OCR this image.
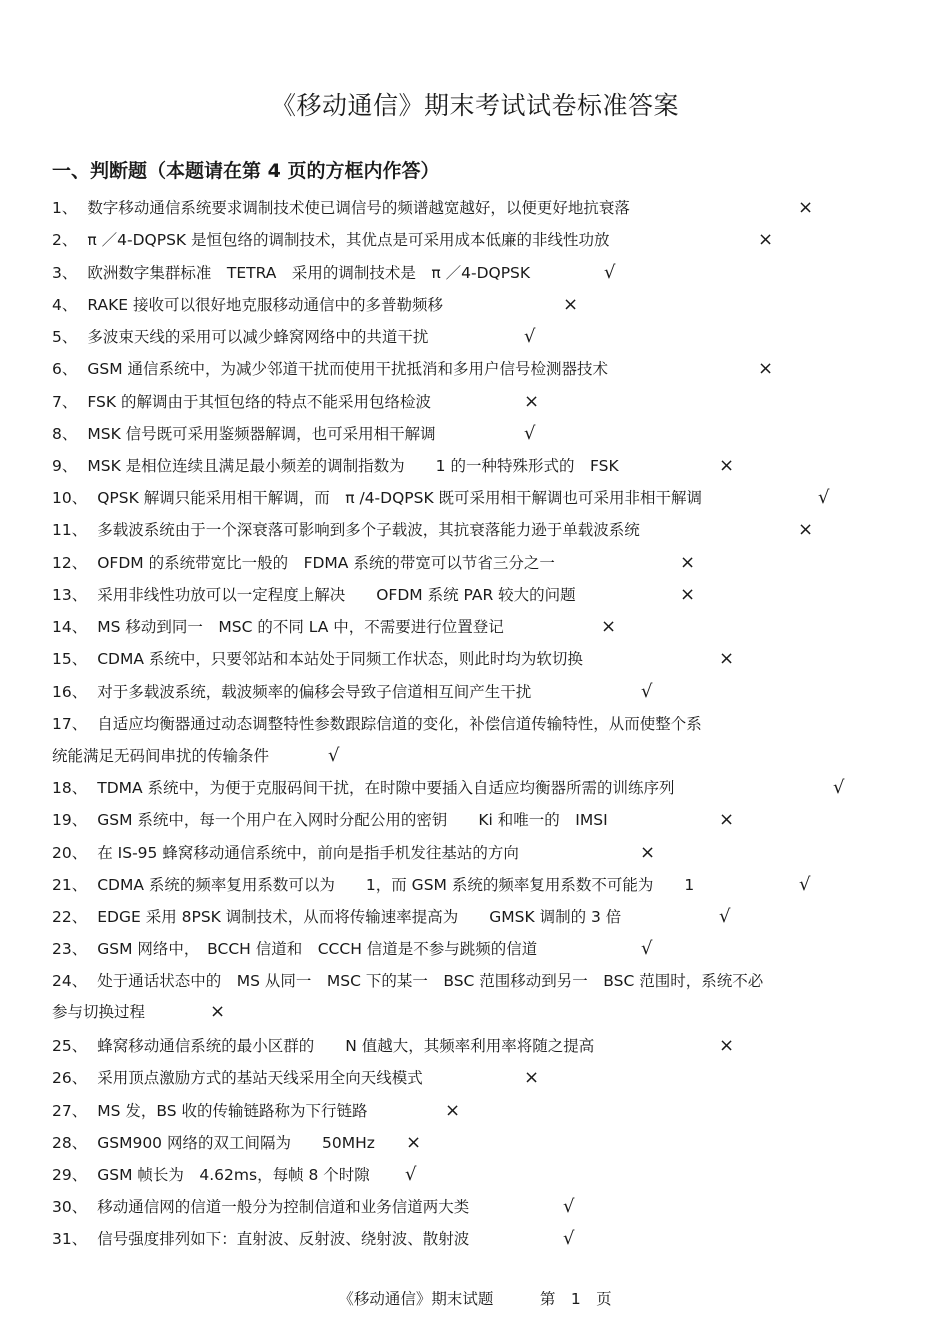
《移动通信》期末考试试卷标准答案
一、判断题（本题请在第 4 页的方框内作答）
1、 数字移动通信系统要求调制技术使已调信号的频谱越宽越好，以便更好地抗衰落	×
2、 π ／4-DQPSK 是恒包络的调制技术，其优点是可采用成本低廉的非线性功放	×
3、 欧洲数字集群标准　TETRA　采用的调制技术是　π ／4-DQPSK	√
4、 RAKE 接收可以很好地克服移动通信中的多普勒频移	×
5、 多波束天线的采用可以减少蜂窝网络中的共道干扰	√
6、 GSM 通信系统中，为减少邻道干扰而使用干扰抵消和多用户信号检测器技术	×
7、 FSK 的解调由于其恒包络的特点不能采用包络检波	×
8、 MSK 信号既可采用鉴频器解调，也可采用相干解调	√
9、 MSK 是相位连续且满足最小频差的调制指数为　　1 的一种特殊形式的　FSK	×
10、 QPSK 解调只能采用相干解调，而　π /4-DQPSK 既可采用相干解调也可采用非相干解调	√
11、 多载波系统由于一个深衰落可影响到多个子载波，其抗衰落能力逊于单载波系统	×
12、 OFDM 的系统带宽比一般的　FDMA 系统的带宽可以节省三分之一	×
13、 采用非线性功放可以一定程度上解决　　OFDM 系统 PAR 较大的问题	×
14、 MS 移动到同一　MSC 的不同 LA 中，不需要进行位置登记	×
15、 CDMA 系统中，只要邻站和本站处于同频工作状态，则此时均为软切换	×
16、 对于多载波系统，载波频率的偏移会导致子信道相互间产生干扰	√
17、 自适应均衡器通过动态调整特性参数跟踪信道的变化，补偿信道传输特性，从而使整个系
统能满足无码间串扰的传输条件	√
18、 TDMA 系统中，为便于克服码间干扰，在时隙中要插入自适应均衡器所需的训练序列	√
19、 GSM 系统中，每一个用户在入网时分配公用的密钥　　Ki 和唯一的　IMSI	×
20、 在 IS-95 蜂窝移动通信系统中，前向是指手机发往基站的方向	×
21、 CDMA 系统的频率复用系数可以为　　1，而 GSM 系统的频率复用系数不可能为　　1	√
22、 EDGE 采用 8PSK 调制技术，从而将传输速率提高为　　GMSK 调制的 3 倍	√
23、 GSM 网络中，　BCCH 信道和　CCCH 信道是不参与跳频的信道	√
24、 处于通话状态中的　MS 从同一　MSC 下的某一　BSC 范围移动到另一　BSC 范围时，系统不必
参与切换过程	×
25、 蜂窝移动通信系统的最小区群的　　N 值越大，其频率利用率将随之提高	×
26、 采用顶点激励方式的基站天线采用全向天线模式	×
27、 MS 发，BS 收的传输链路称为下行链路	×
28、 GSM900 网络的双工间隔为　　50MHz ×
29、 GSM 帧长为　4.62ms，每帧 8 个时隙 √
30、 移动通信网的信道一般分为控制信道和业务信道两大类	√
31、 信号强度排列如下：直射波、反射波、绕射波、散射波	√
《移动通信》期末试题　　　第　1　页
